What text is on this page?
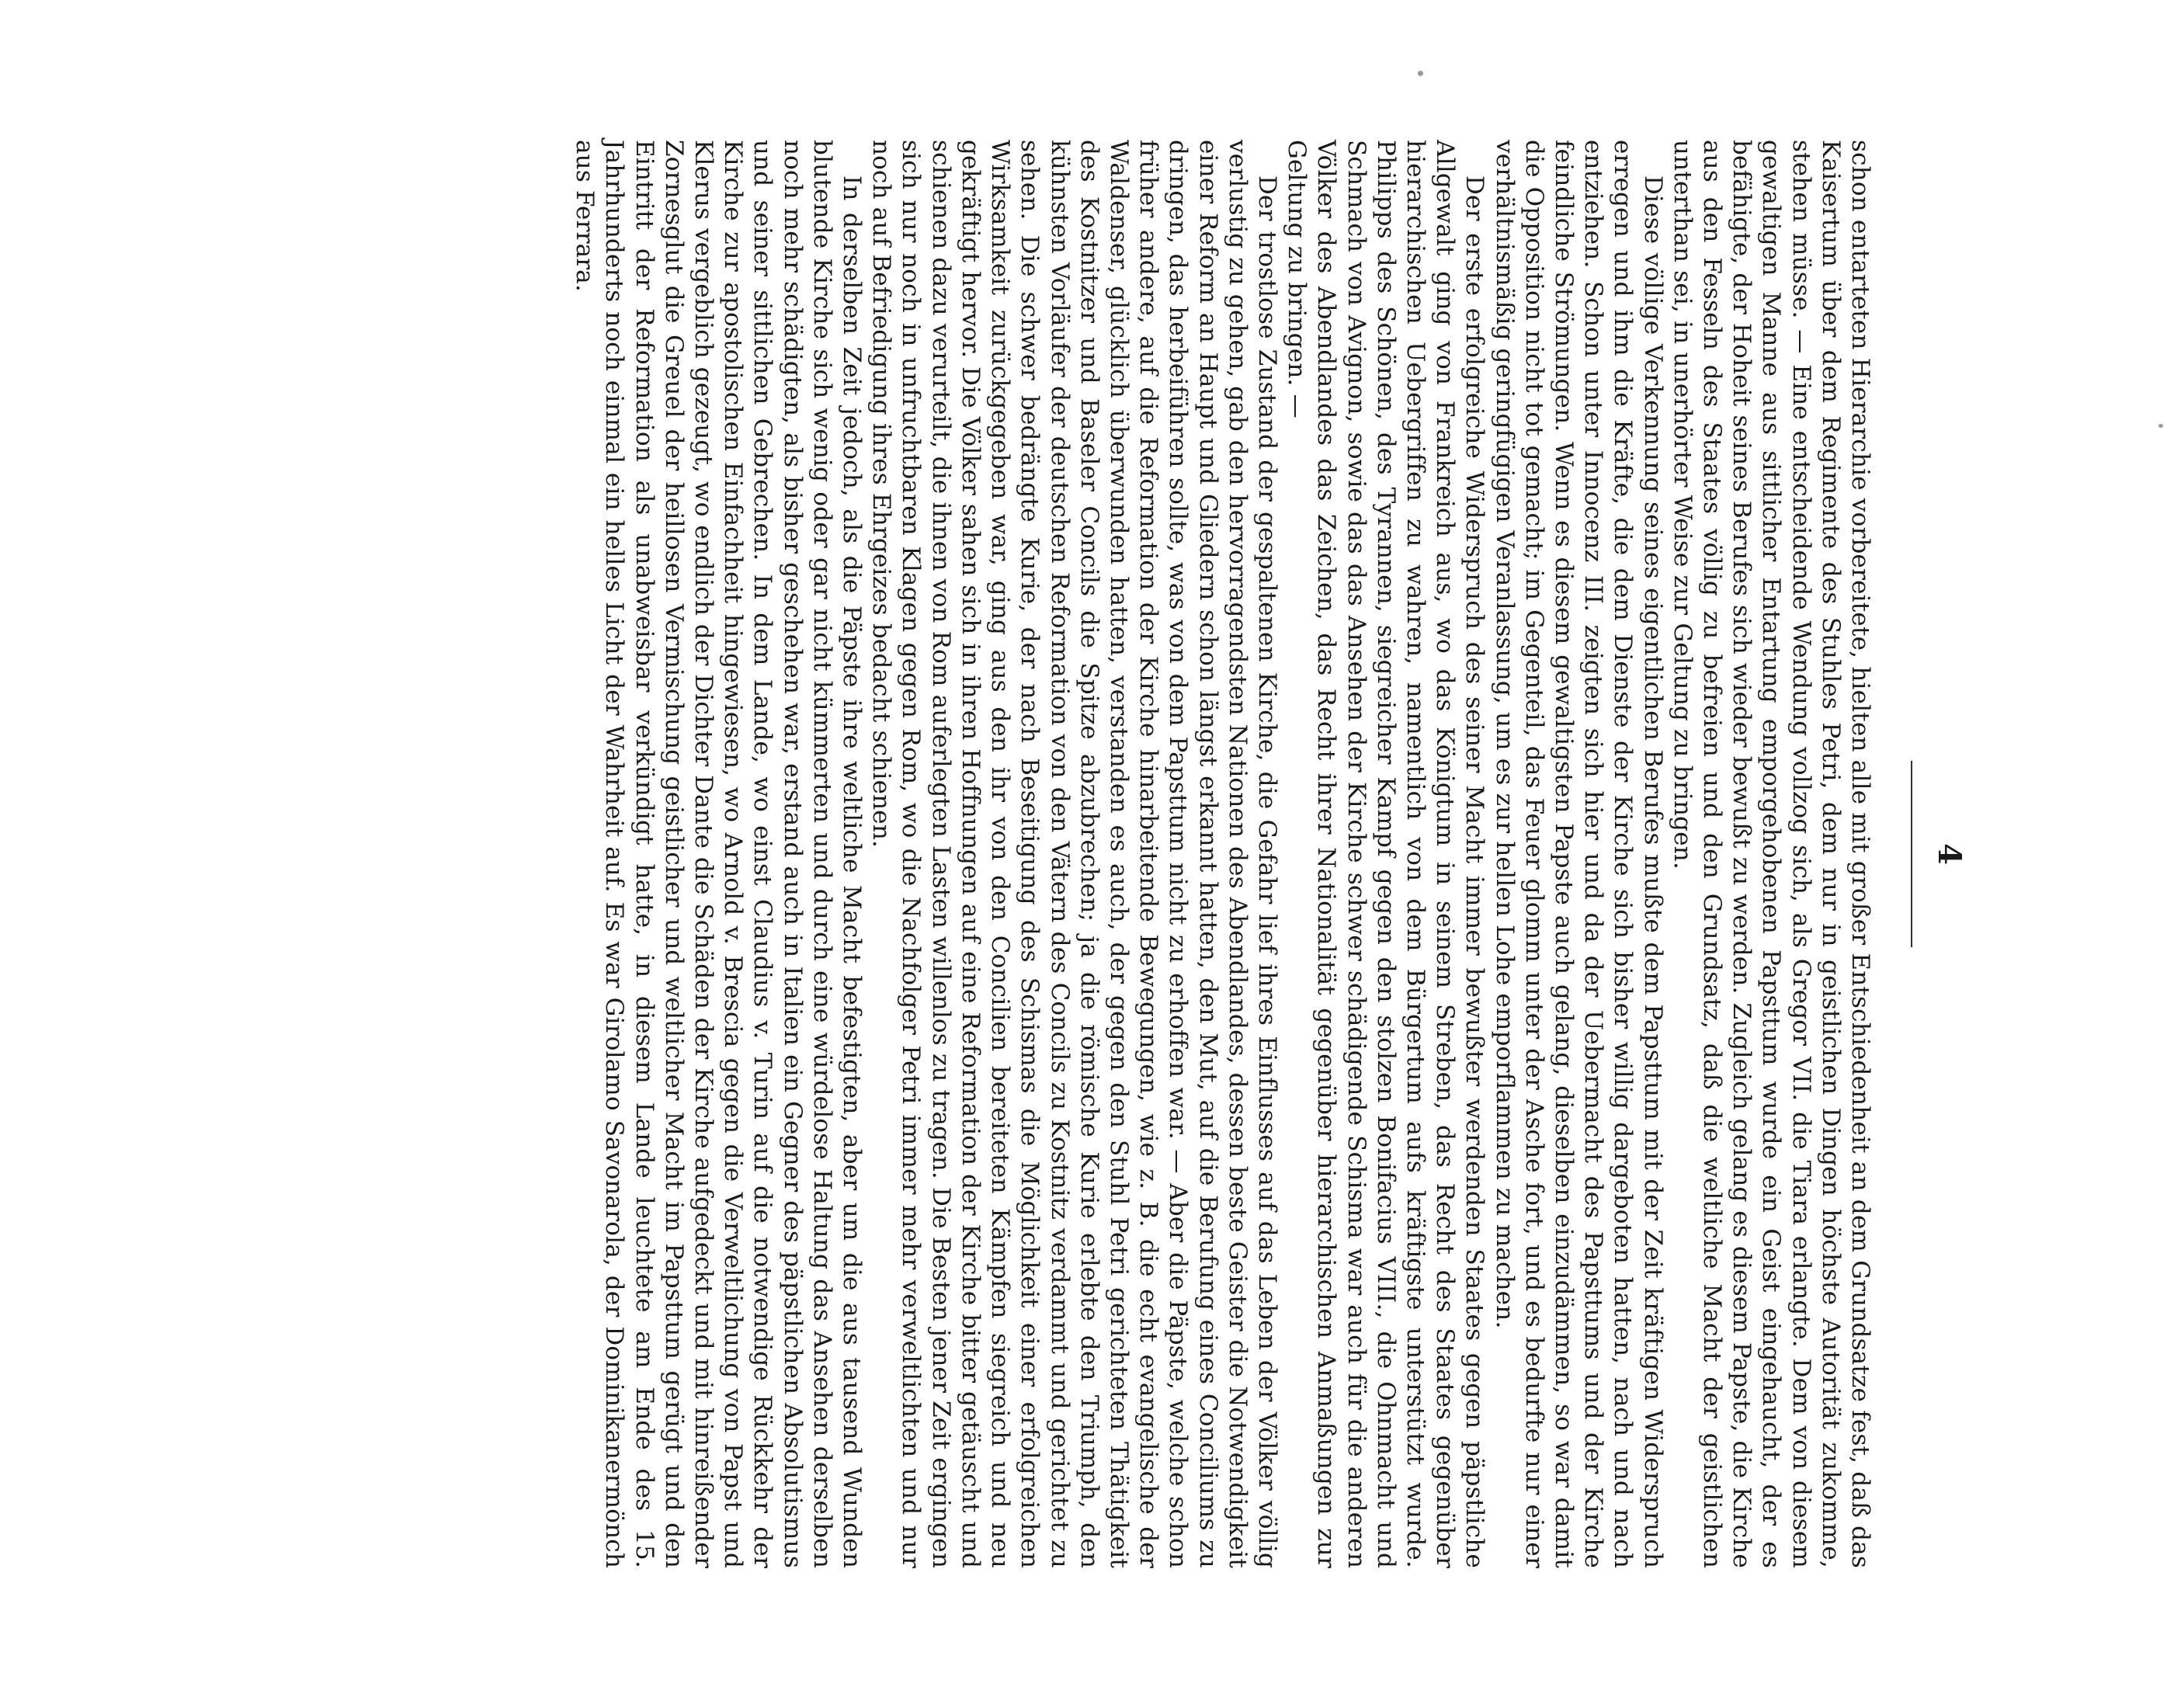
4

schon entarteten Hierarchie vorbereitete, hielten alle mit großer Entschiedenheit an dem Grundsatze fest, daß das Kaisertum über dem Regimente des Stuhles Petri, dem nur in geistlichen Dingen höchste Autorität zukomme, stehen müsse. — Eine entscheidende Wendung vollzog sich, als Gregor VII. die Tiara erlangte. Dem von diesem gewaltigen Manne aus sittlicher Entartung emporgehobenen Papsttum wurde ein Geist eingehaucht, der es befähigte, der Hoheit seines Berufes sich wieder bewußt zu werden. Zugleich gelang es diesem Papste, die Kirche aus den Fesseln des Staates völlig zu befreien und den Grundsatz, daß die weltliche Macht der geistlichen unterthan sei, in unerhörter Weise zur Geltung zu bringen.

Diese völlige Verkennung seines eigentlichen Berufes mußte dem Papsttum mit der Zeit kräftigen Widerspruch erregen und ihm die Kräfte, die dem Dienste der Kirche sich bisher willig dargeboten hatten, nach und nach entziehen. Schon unter Innocenz III. zeigten sich hier und da der Uebermacht des Papsttums und der Kirche feindliche Strömungen. Wenn es diesem gewaltigsten Papste auch gelang, dieselben einzudämmen, so war damit die Opposition nicht tot gemacht; im Gegenteil, das Feuer glomm unter der Asche fort, und es bedurfte nur einer verhältnismäßig geringfügigen Veranlassung, um es zur hellen Lohe emporflammen zu machen.

Der erste erfolgreiche Widerspruch des seiner Macht immer bewußter werdenden Staates gegen päpstliche Allgewalt ging von Frankreich aus, wo das Königtum in seinem Streben, das Recht des Staates gegenüber hierarchischen Uebergriffen zu wahren, namentlich von dem Bürgertum aufs kräftigste unterstützt wurde. Philipps des Schönen, des Tyrannen, siegreicher Kampf gegen den stolzen Bonifacius VIII., die Ohnmacht und Schmach von Avignon, sowie das das Ansehen der Kirche schwer schädigende Schisma war auch für die anderen Völker des Abendlandes das Zeichen, das Recht ihrer Nationalität gegenüber hierarchischen Anmaßungen zur Geltung zu bringen. —

Der trostlose Zustand der gespaltenen Kirche, die Gefahr lief ihres Einflusses auf das Leben der Völker völlig verlustig zu gehen, gab den hervorragendsten Nationen des Abendlandes, dessen beste Geister die Notwendigkeit einer Reform an Haupt und Gliedern schon längst erkannt hatten, den Mut, auf die Berufung eines Conciliums zu dringen, das herbeiführen sollte, was von dem Papsttum nicht zu erhoffen war. — Aber die Päpste, welche schon früher andere, auf die Reformation der Kirche hinarbeitende Bewegungen, wie z. B. die echt evangelische der Waldenser, glücklich überwunden hatten, verstanden es auch, der gegen den Stuhl Petri gerichteten Thätigkeit des Kostnitzer und Baseler Concils die Spitze abzubrechen; ja die römische Kurie erlebte den Triumph, den kühnsten Vorläufer der deutschen Reformation von den Vätern des Concils zu Kostnitz verdammt und gerichtet zu sehen. Die schwer bedrängte Kurie, der nach Beseitigung des Schismas die Möglichkeit einer erfolgreichen Wirksamkeit zurückgegeben war, ging aus den ihr von den Concilien bereiteten Kämpfen siegreich und neu gekräftigt hervor. Die Völker sahen sich in ihren Hoffnungen auf eine Reformation der Kirche bitter getäuscht und schienen dazu verurteilt, die ihnen von Rom auferlegten Lasten willenlos zu tragen. Die Besten jener Zeit ergingen sich nur noch in unfruchtbaren Klagen gegen Rom, wo die Nachfolger Petri immer mehr verweltlichten und nur noch auf Befriedigung ihres Ehrgeizes bedacht schienen.

In derselben Zeit jedoch, als die Päpste ihre weltliche Macht befestigten, aber um die aus tausend Wunden blutende Kirche sich wenig oder gar nicht kümmerten und durch eine würdelose Haltung das Ansehen derselben noch mehr schädigten, als bisher geschehen war, erstand auch in Italien ein Gegner des päpstlichen Absolutismus und seiner sittlichen Gebrechen. In dem Lande, wo einst Claudius v. Turin auf die notwendige Rückkehr der Kirche zur apostolischen Einfachheit hingewiesen, wo Arnold v. Brescia gegen die Verweltlichung von Papst und Klerus vergeblich gezeugt, wo endlich der Dichter Dante die Schäden der Kirche aufgedeckt und mit hinreißender Zornesglut die Greuel der heillosen Vermischung geistlicher und weltlicher Macht im Papsttum gerügt und den Eintritt der Reformation als unabweisbar verkündigt hatte, in diesem Lande leuchtete am Ende des 15. Jahrhunderts noch einmal ein helles Licht der Wahrheit auf. Es war Girolamo Savonarola, der Dominikanermönch aus Ferrara.
